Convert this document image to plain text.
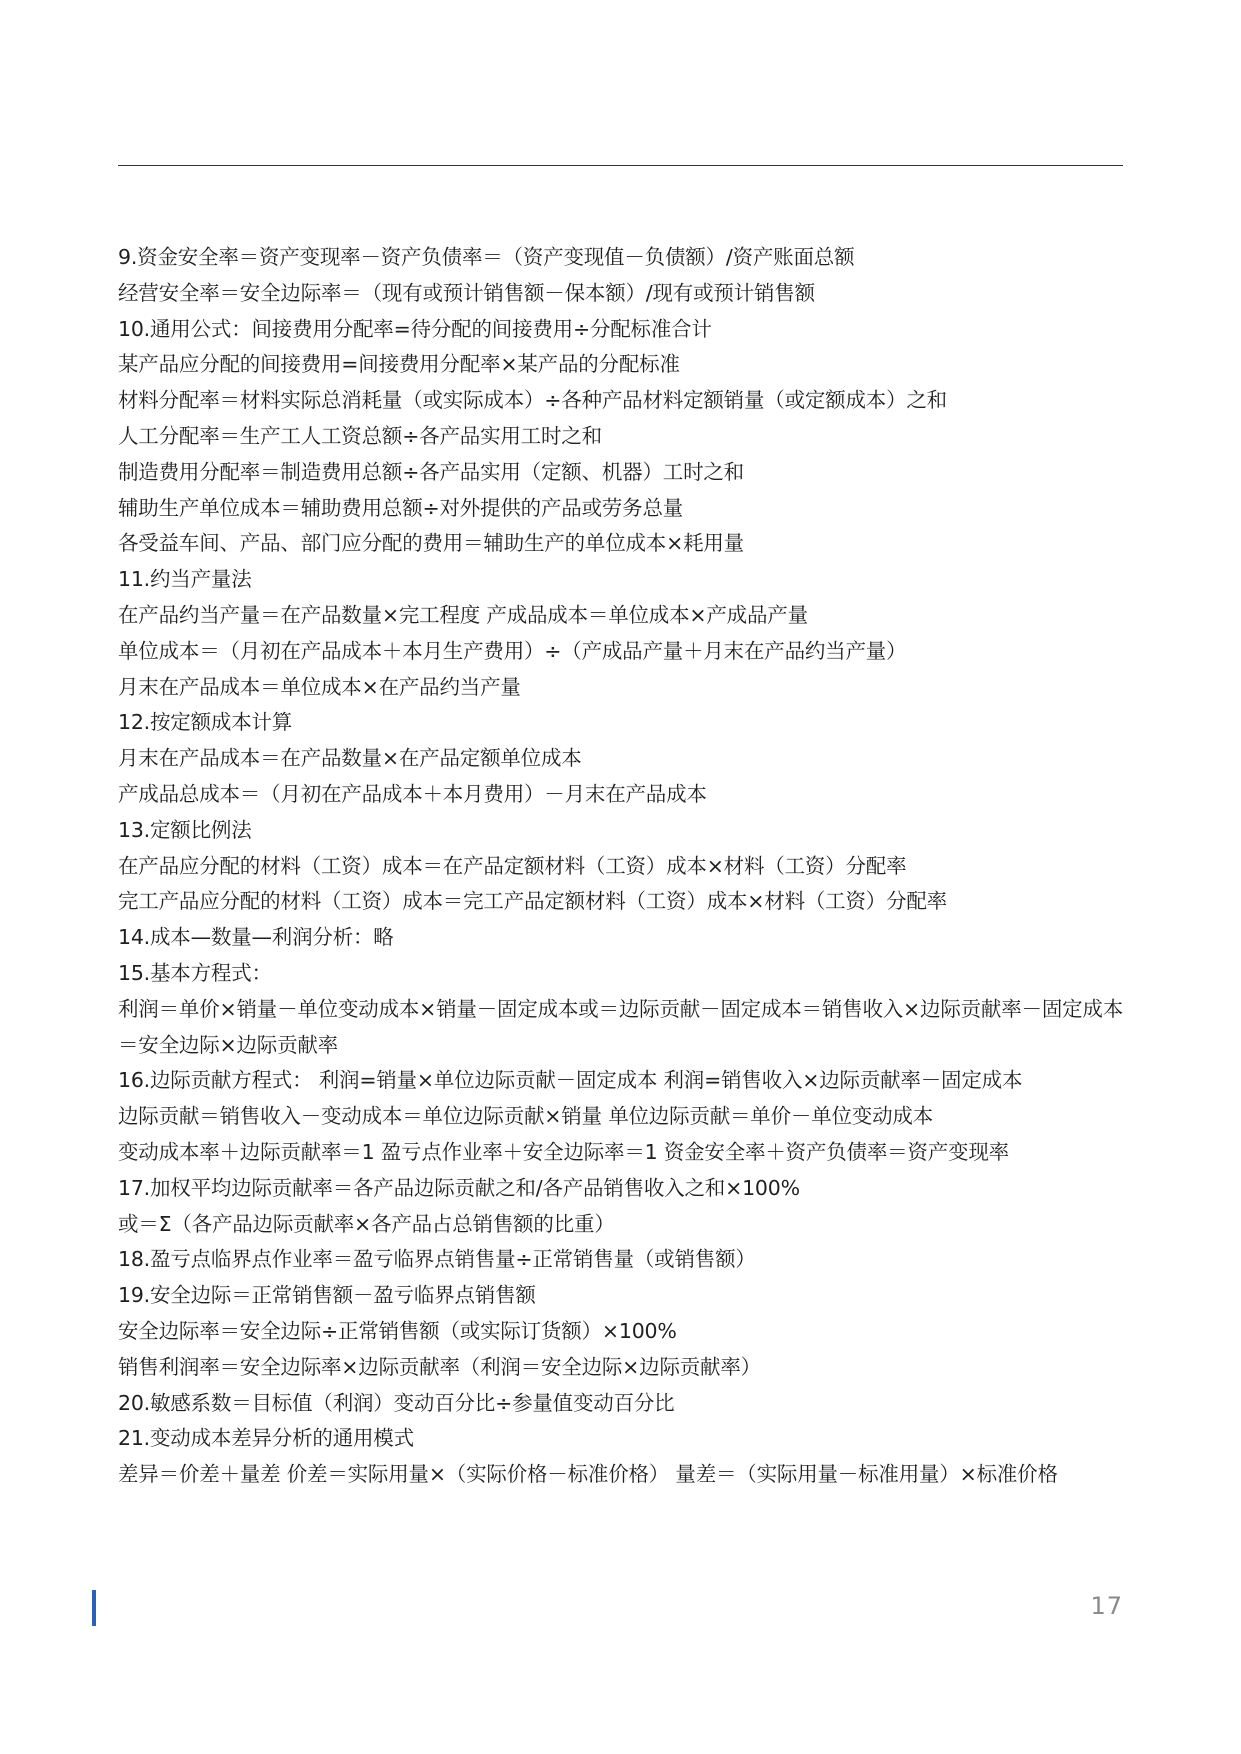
9.资金安全率＝资产变现率－资产负债率＝（资产变现值－负债额）/资产账面总额
经营安全率＝安全边际率＝（现有或预计销售额－保本额）/现有或预计销售额
10.通用公式：间接费用分配率=待分配的间接费用÷分配标准合计
某产品应分配的间接费用=间接费用分配率×某产品的分配标准
材料分配率＝材料实际总消耗量（或实际成本）÷各种产品材料定额销量（或定额成本）之和
人工分配率＝生产工人工资总额÷各产品实用工时之和
制造费用分配率＝制造费用总额÷各产品实用（定额、机器）工时之和
辅助生产单位成本＝辅助费用总额÷对外提供的产品或劳务总量
各受益车间、产品、部门应分配的费用＝辅助生产的单位成本×耗用量
11.约当产量法
在产品约当产量＝在产品数量×完工程度 产成品成本＝单位成本×产成品产量
单位成本＝（月初在产品成本＋本月生产费用）÷（产成品产量＋月末在产品约当产量）
月末在产品成本＝单位成本×在产品约当产量
12.按定额成本计算
月末在产品成本＝在产品数量×在产品定额单位成本
产成品总成本＝（月初在产品成本＋本月费用）－月末在产品成本
13.定额比例法
在产品应分配的材料（工资）成本＝在产品定额材料（工资）成本×材料（工资）分配率
完工产品应分配的材料（工资）成本＝完工产品定额材料（工资）成本×材料（工资）分配率
14.成本—数量—利润分析：略
15.基本方程式：
利润＝单价×销量－单位变动成本×销量－固定成本或＝边际贡献－固定成本＝销售收入×边际贡献率－固定成本＝安全边际×边际贡献率
16.边际贡献方程式： 利润=销量×单位边际贡献－固定成本 利润=销售收入×边际贡献率－固定成本
边际贡献＝销售收入－变动成本＝单位边际贡献×销量 单位边际贡献＝单价－单位变动成本
变动成本率＋边际贡献率＝1 盈亏点作业率＋安全边际率＝1 资金安全率＋资产负债率＝资产变现率
17.加权平均边际贡献率＝各产品边际贡献之和/各产品销售收入之和×100%
或＝Σ（各产品边际贡献率×各产品占总销售额的比重）
18.盈亏点临界点作业率＝盈亏临界点销售量÷正常销售量（或销售额）
19.安全边际＝正常销售额－盈亏临界点销售额
安全边际率＝安全边际÷正常销售额（或实际订货额）×100%
销售利润率＝安全边际率×边际贡献率（利润＝安全边际×边际贡献率）
20.敏感系数＝目标值（利润）变动百分比÷参量值变动百分比
21.变动成本差异分析的通用模式
差异＝价差＋量差 价差＝实际用量×（实际价格－标准价格） 量差＝（实际用量－标准用量）×标准价格
17
